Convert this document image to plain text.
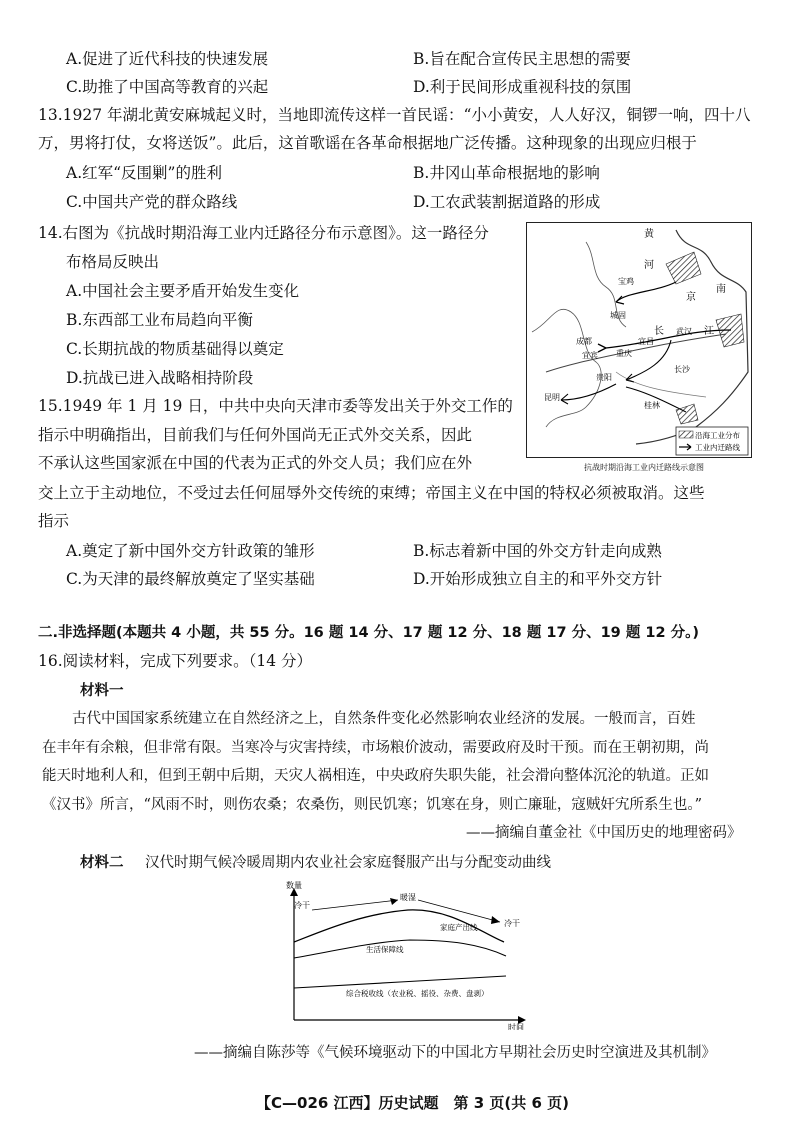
A.促进了近代科技的快速发展	B.旨在配合宣传民主思想的需要
C.助推了中国高等教育的兴起	D.利于民间形成重视科技的氛围
13.1927 年湖北黄安麻城起义时，当地即流传这样一首民谣：“小小黄安，人人好汉，铜锣一响，四十八
万，男将打仗，女将送饭”。此后，这首歌谣在各革命根据地广泛传播。这种现象的出现应归根于
A.红军“反围剿”的胜利	B.井冈山革命根据地的影响
C.中国共产党的群众路线	D.工农武装割据道路的形成
14.右图为《抗战时期沿海工业内迁路径分布示意图》。这一路径分
布格局反映出
A.中国社会主要矛盾开始发生变化
B.东西部工业布局趋向平衡
C.长期抗战的物质基础得以奠定
D.抗战已进入战略相持阶段
黄
河
宝鸡
城固
成都
宜宾 重庆
长
宜昌
武汉 江
南
京
贵阳
长沙
昆明
桂林
沿海工业分布
工业内迁路线
抗战时期沿海工业内迁路线示意图
15.1949 年 1 月 19 日，中共中央向天津市委等发出关于外交工作的
指示中明确指出，目前我们与任何外国尚无正式外交关系，因此
不承认这些国家派在中国的代表为正式的外交人员；我们应在外
交上立于主动地位，不受过去任何屈辱外交传统的束缚；帝国主义在中国的特权必须被取消。这些
指示
A.奠定了新中国外交方针政策的雏形	B.标志着新中国的外交方针走向成熟
C.为天津的最终解放奠定了坚实基础	D.开始形成独立自主的和平外交方针
二.非选择题(本题共 4 小题，共 55 分。16 题 14 分、17 题 12 分、18 题 17 分、19 题 12 分。)
16.阅读材料，完成下列要求。（14 分）
材料一
古代中国国家系统建立在自然经济之上，自然条件变化必然影响农业经济的发展。一般而言，百姓
在丰年有余粮，但非常有限。当寒冷与灾害持续，市场粮价波动，需要政府及时干预。而在王朝初期，尚
能天时地利人和，但到王朝中后期，天灾人祸相连，中央政府失职失能，社会滑向整体沉沦的轨道。正如
《汉书》所言，“风雨不时，则伤农桑；农桑伤，则民饥寒；饥寒在身，则亡廉耻，寇贼奸宄所系生也。”
——摘编自董金社《中国历史的地理密码》
材料二 汉代时期气候冷暖周期内农业社会家庭餐服产出与分配变动曲线
数量
时间
冷干
暖湿
冷干
家庭产出线
生活保障线
综合税收线（农业税、摇役、杂费、盘剥）
——摘编自陈莎等《气候环境驱动下的中国北方早期社会历史时空演进及其机制》
【C—026 江西】历史试题　第 3 页(共 6 页)
